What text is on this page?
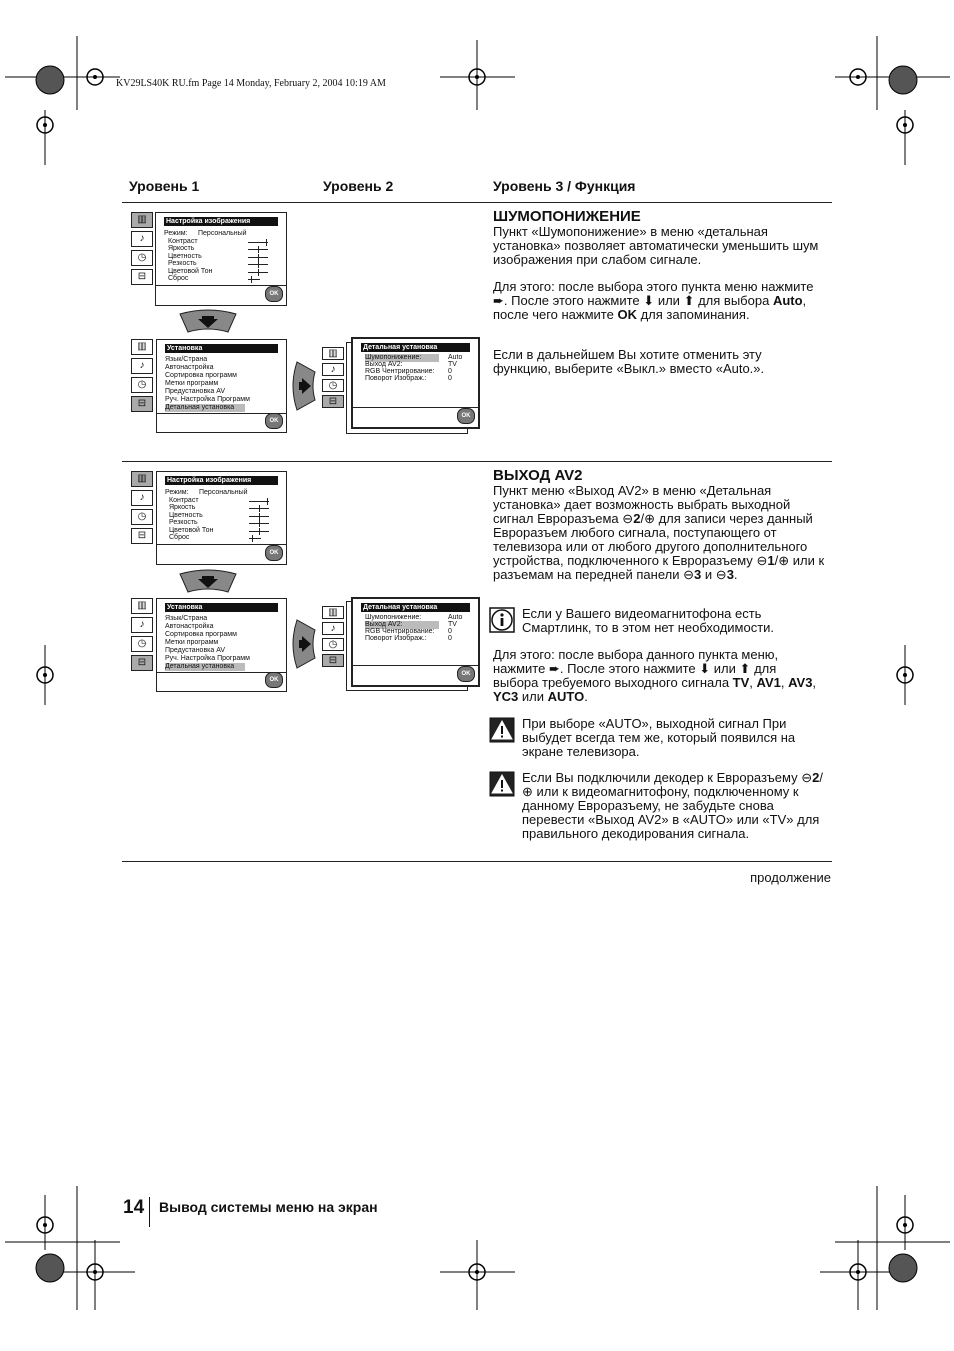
KV29LS40K RU.fm Page 14 Monday, February 2, 2004 10:19 AM
Уровень 1	Уровень 2	Уровень 3 / Функция
▥
♪
◷
⊟
Настройка изображения
Режим: Персональный
Контраст
Яркость
Цветность
Резкость
Цветовой Тон
Сброс
OK
▥
♪
◷
⊟
Установка
Язык/Страна
Автонастройка
Сортировка программ
Метки программ
Предустановка AV
Руч. Настройка Программ
Детальная установка
OK
▥
♪
◷
⊟
Детальная установка
Шумопонижение:
Выход AV2:
RGB Чентрирование:
Поворот Изображ.:
Auto
TV
0
0
OK
ШУМОПОНИЖЕНИЕ
Пункт «Шумопонижение» в меню «детальная установка» позволяет автоматически уменьшить шум изображения при слабом сигнале.
Для этого: после выбора этого пункта меню нажмите ➨. После этого нажмите ⬇ или ⬆ для выбора Auto, после чего нажмите OK для запоминания.
Если в дальнейшем Вы хотите отменить эту функцию, выберите «Выкл.» вместо «Auto.».
▥
♪
◷
⊟
Настройка изображения
Режим: Персональный
Контраст
Яркость
Цветность
Резкость
Цветовой Тон
Сброс
OK
▥
♪
◷
⊟
Установка
Язык/Страна
Автонастройка
Сортировка программ
Метки программ
Предустановка AV
Руч. Настройка Программ
Детальная установка
OK
▥
♪
◷
⊟
Детальная установка
Шумопонижение:
Выход AV2:
RGB Чентрирование:
Поворот Изображ.:
Auto
TV
0
0
OK
ВЫХОД AV2
Пункт меню «Выход AV2» в меню «Детальная установка» дает возможность выбрать выходной сигнал Евроразъема ⊖2/⊕ для записи через данный Евроразъем любого сигнала, поступающего от телевизора или от любого другого дополнительного устройства, подключенного к Евроразъему ⊖1/⊕ или к разъемам на передней панели ⊖3 и ⊖3.
Если у Вашего видеомагнитофона есть Смартлинк, то в этом нет необходимости.
Для этого: после выбора данного пункта меню, нажмите ➨. После этого нажмите ⬇ или ⬆ для выбора требуемого выходного сигнала TV, AV1, AV3, YC3 или AUTO.
При выборе «AUTO», выходной сигнал При выбудет всегда тем же, который появился на экране телевизора.
Если Вы подключили декодер к Евроразъему ⊖2/⊕ или к видеомагнитофону, подключенному к данному Евроразъему, не забудьте снова перевести «Выход AV2» в «AUTO» или «TV» для правильного декодирования сигнала.
продолжение
14 Вывод системы меню на экран
